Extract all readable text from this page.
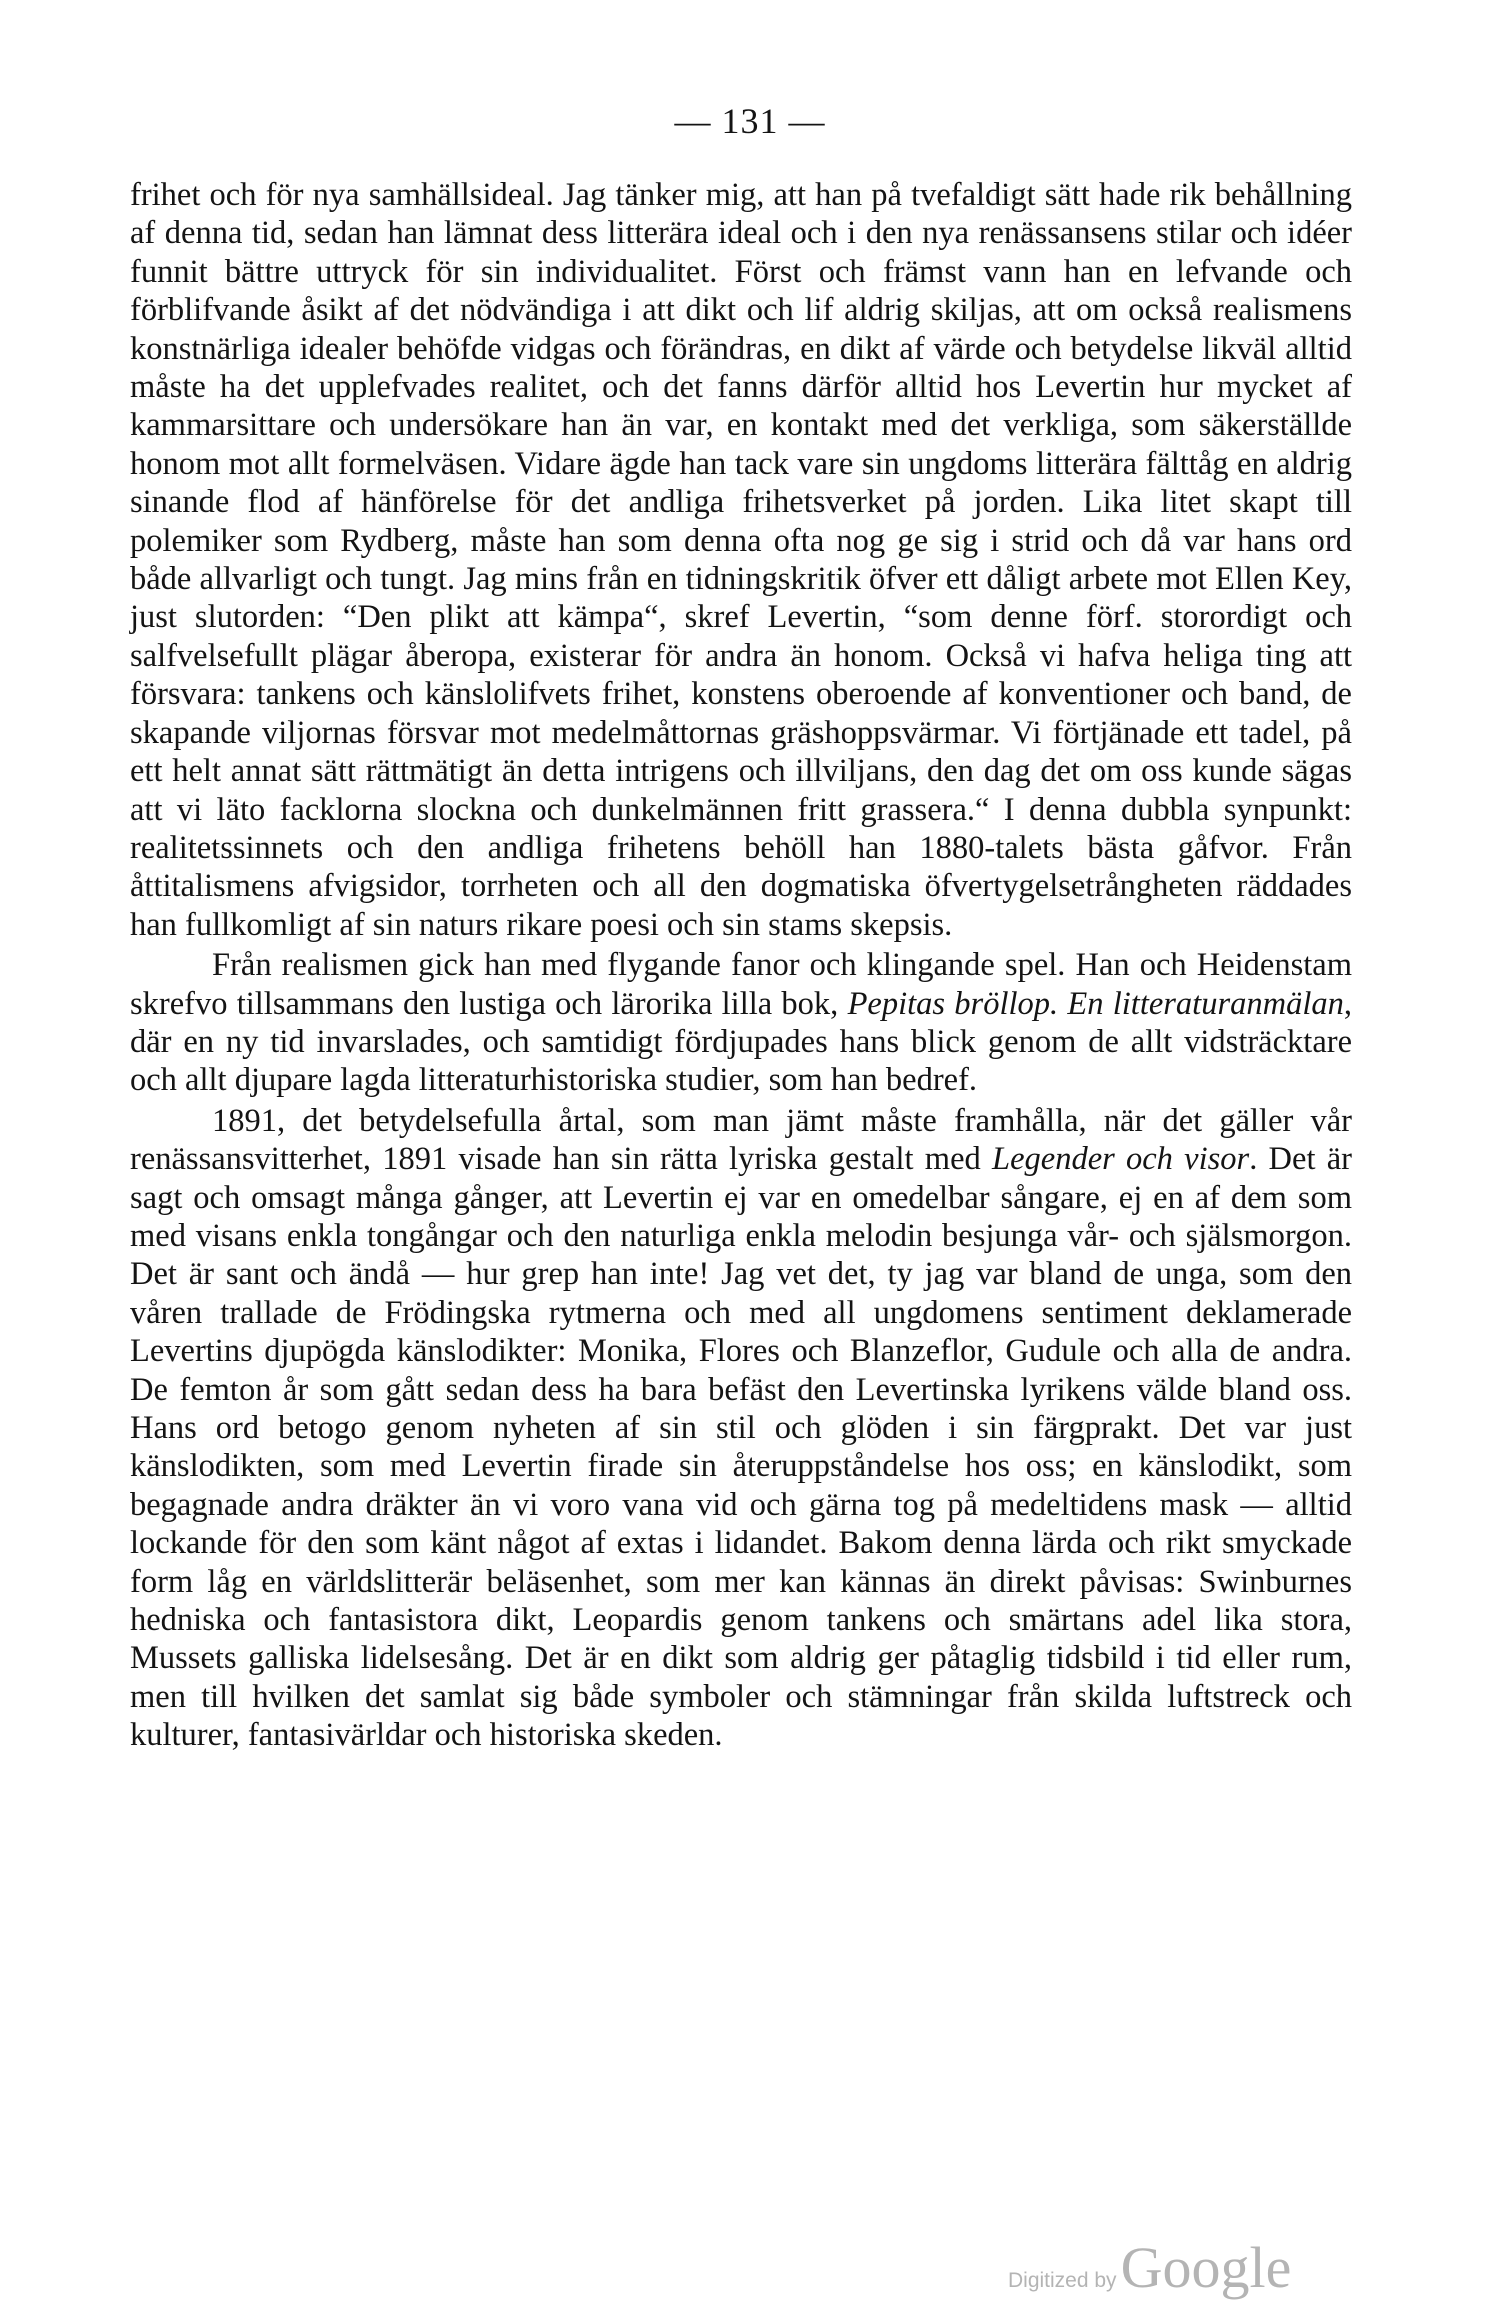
— 131 —

frihet och för nya samhällsideal. Jag tänker mig, att han på tvefaldigt sätt hade rik behållning af denna tid, sedan han lämnat dess litterära ideal och i den nya renässansens stilar och idéer funnit bättre uttryck för sin individualitet. Först och främst vann han en lefvande och förblifvande åsikt af det nödvändiga i att dikt och lif aldrig skiljas, att om också realismens konstnärliga idealer behöfde vidgas och förändras, en dikt af värde och betydelse likväl alltid måste ha det upplefvades realitet, och det fanns därför alltid hos Levertin hur mycket af kammarsittare och undersökare han än var, en kontakt med det verkliga, som säkerställde honom mot allt formelväsen. Vidare ägde han tack vare sin ungdoms litterära fälttåg en aldrig sinande flod af hänförelse för det andliga frihetsverket på jorden. Lika litet skapt till polemiker som Rydberg, måste han som denna ofta nog ge sig i strid och då var hans ord både allvarligt och tungt. Jag mins från en tidningskritik öfver ett dåligt arbete mot Ellen Key, just slutorden: “Den plikt att kämpa“, skref Levertin, “som denne förf. storordigt och salfvelsefullt plägar åberopa, existerar för andra än honom. Också vi hafva heliga ting att försvara: tankens och känslolifvets frihet, konstens oberoende af konventioner och band, de skapande viljornas försvar mot medelmåttornas gräshoppsvärmar. Vi förtjänade ett tadel, på ett helt annat sätt rättmätigt än detta intrigens och illviljans, den dag det om oss kunde sägas att vi läto facklorna slockna och dunkelmännen fritt grassera.“ I denna dubbla synpunkt: realitetssinnets och den andliga frihetens behöll han 1880-talets bästa gåfvor. Från åttitalismens afvigsidor, torrheten och all den dogmatiska öfvertygelsetrångheten räddades han fullkomligt af sin naturs rikare poesi och sin stams skepsis.

Från realismen gick han med flygande fanor och klingande spel. Han och Heidenstam skrefvo tillsammans den lustiga och lärorika lilla bok, Pepitas bröllop. En litteraturanmälan, där en ny tid invarslades, och samtidigt fördjupades hans blick genom de allt vidsträcktare och allt djupare lagda litteraturhistoriska studier, som han bedref.

1891, det betydelsefulla årtal, som man jämt måste framhålla, när det gäller vår renässansvitterhet, 1891 visade han sin rätta lyriska gestalt med Legender och visor. Det är sagt och omsagt många gånger, att Levertin ej var en omedelbar sångare, ej en af dem som med visans enkla tongångar och den naturliga enkla melodin besjunga vår- och själsmorgon. Det är sant och ändå — hur grep han inte! Jag vet det, ty jag var bland de unga, som den våren trallade de Frödingska rytmerna och med all ungdomens sentiment deklamerade Levertins djupögda känslodikter: Monika, Flores och Blanzeflor, Gudule och alla de andra. De femton år som gått sedan dess ha bara befäst den Levertinska lyrikens välde bland oss. Hans ord betogo genom nyheten af sin stil och glöden i sin färgprakt. Det var just känslodikten, som med Levertin firade sin återuppståndelse hos oss; en känslodikt, som begagnade andra dräkter än vi voro vana vid och gärna tog på medeltidens mask — alltid lockande för den som känt något af extas i lidandet. Bakom denna lärda och rikt smyckade form låg en världslitterär beläsenhet, som mer kan kännas än direkt påvisas: Swinburnes hedniska och fantasistora dikt, Leopardis genom tankens och smärtans adel lika stora, Mussets galliska lidelsesång. Det är en dikt som aldrig ger påtaglig tidsbild i tid eller rum, men till hvilken det samlat sig både symboler och stämningar från skilda luftstreck och kulturer, fantasivärldar och historiska skeden.

Digitized by Google
